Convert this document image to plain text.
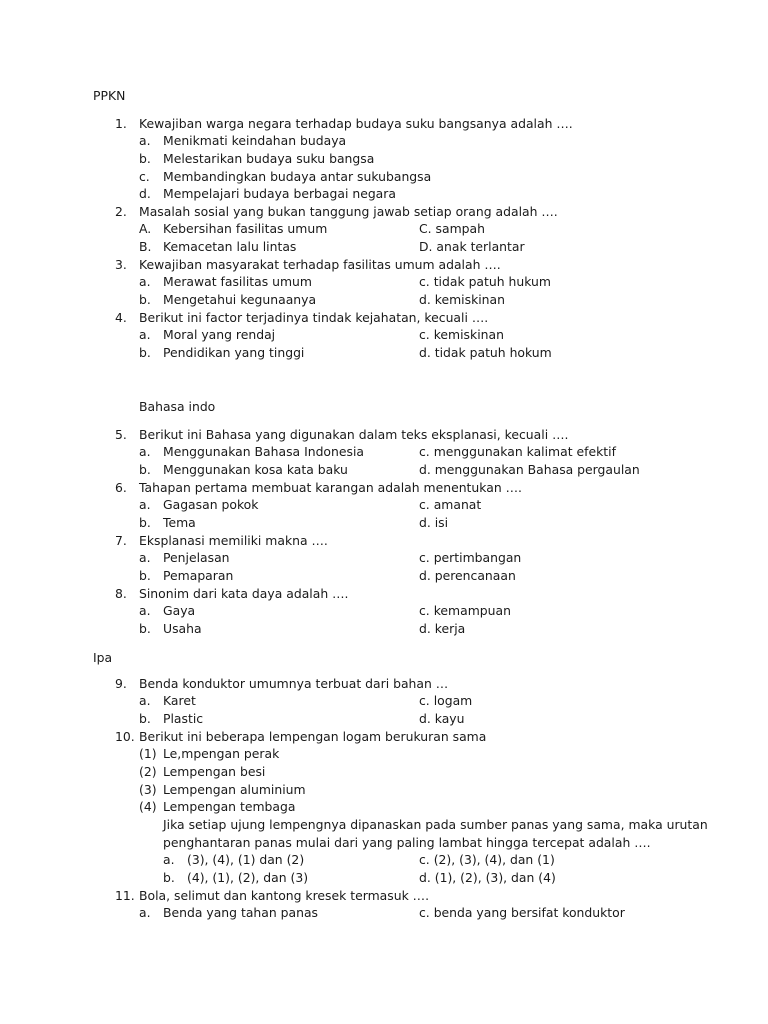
PPKN
1. Kewajiban warga negara terhadap budaya suku bangsanya adalah ….
a. Menikmati keindahan budaya
b. Melestarikan budaya suku bangsa
c. Membandingkan budaya antar sukubangsa
d. Mempelajari budaya berbagai negara
2. Masalah sosial yang bukan tanggung jawab setiap orang adalah ….
A. Kebersihan fasilitas umum	C. sampah
B. Kemacetan lalu lintas	D. anak terlantar
3. Kewajiban masyarakat terhadap fasilitas umum adalah ….
a. Merawat fasilitas umum	c. tidak patuh hukum
b. Mengetahui kegunaanya	d. kemiskinan
4. Berikut ini factor terjadinya tindak kejahatan, kecuali ….
a. Moral yang rendaj	c. kemiskinan
b. Pendidikan yang tinggi	d. tidak patuh hokum
Bahasa indo
5. Berikut ini Bahasa yang digunakan dalam teks eksplanasi, kecuali ….
a. Menggunakan Bahasa Indonesia	c. menggunakan kalimat efektif
b. Menggunakan kosa kata baku	d. menggunakan Bahasa pergaulan
6. Tahapan pertama membuat karangan adalah menentukan ….
a. Gagasan pokok	c. amanat
b. Tema	d. isi
7. Eksplanasi memiliki makna ….
a. Penjelasan	c. pertimbangan
b. Pemaparan	d. perencanaan
8. Sinonim dari kata daya adalah ….
a. Gaya	c. kemampuan
b. Usaha	d. kerja
Ipa
9. Benda konduktor umumnya terbuat dari bahan …
a. Karet	c. logam
b. Plastic	d. kayu
10. Berikut ini beberapa lempengan logam berukuran sama
(1) Le,mpengan perak
(2) Lempengan besi
(3) Lempengan aluminium
(4) Lempengan tembaga
Jika setiap ujung lempengnya dipanaskan pada sumber panas yang sama, maka urutan
penghantaran panas mulai dari yang paling lambat hingga tercepat adalah ….
a. (3), (4), (1) dan (2)	c. (2), (3), (4), dan (1)
b. (4), (1), (2), dan (3)	d. (1), (2), (3), dan (4)
11. Bola, selimut dan kantong kresek termasuk ….
a. Benda yang tahan panas	c. benda yang bersifat konduktor
